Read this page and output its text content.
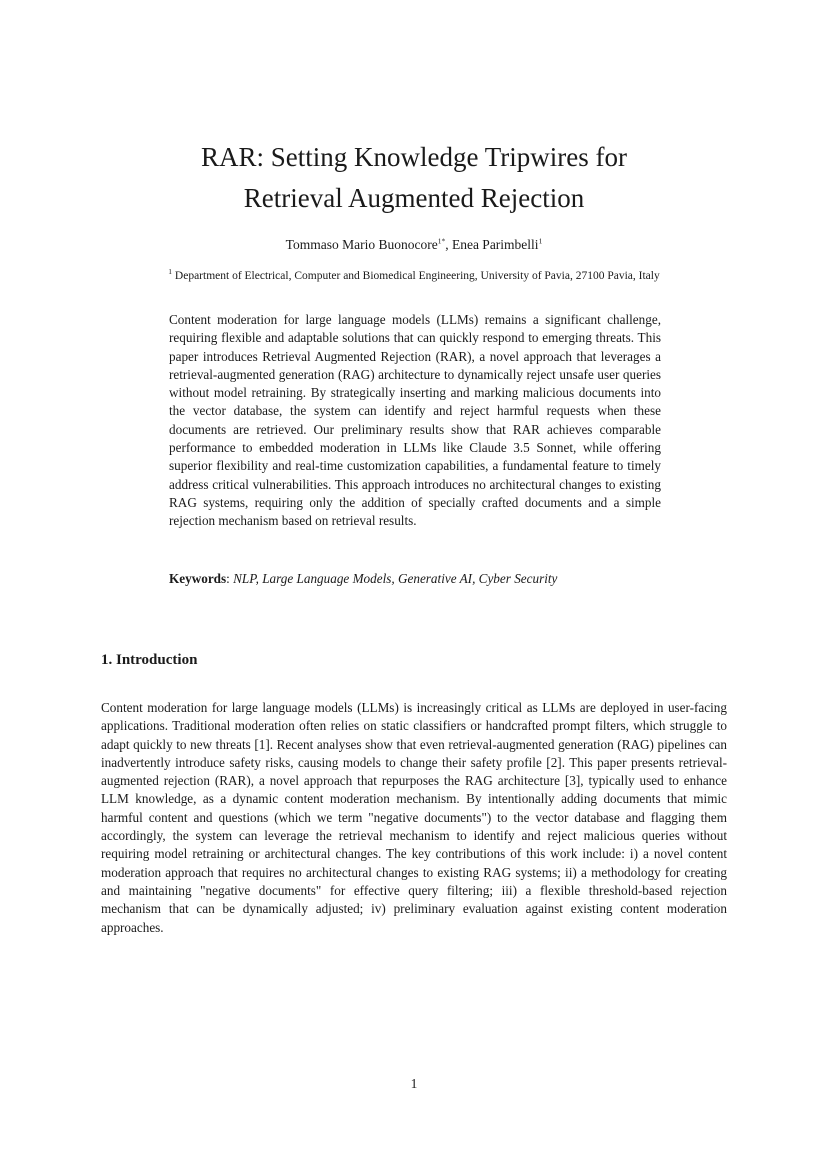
RAR: Setting Knowledge Tripwires for
Retrieval Augmented Rejection
Tommaso Mario Buonocore$^{1*}$, Enea Parimbelli$^1$
$^1$ Department of Electrical, Computer and Biomedical Engineering, University of Pavia, 27100 Pavia, Italy

Content moderation for large language models (LLMs) remains a significant challenge, requiring flexible and adaptable solutions that can quickly respond to emerging threats. This paper introduces Retrieval Augmented Rejection (RAR), a novel approach that leverages a retrieval-augmented generation (RAG) architecture to dynamically reject unsafe user queries without model retraining. By strategically inserting and marking malicious documents into the vector database, the system can identify and reject harmful requests when these documents are retrieved. Our preliminary results show that RAR achieves comparable performance to embedded moderation in LLMs like Claude 3.5 Sonnet, while offering superior flexibility and real-time customization capabilities, a fundamental feature to timely address critical vulnerabilities. This approach introduces no architectural changes to existing RAG systems, requiring only the addition of specially crafted documents and a simple rejection mechanism based on retrieval results.

Keywords: NLP, Large Language Models, Generative AI, Cyber Security

1. Introduction

Content moderation for large language models (LLMs) is increasingly critical as LLMs are deployed in user-facing applications. Traditional moderation often relies on static classifiers or handcrafted prompt filters, which struggle to adapt quickly to new threats [1]. Recent analyses show that even retrieval-augmented generation (RAG) pipelines can inadvertently introduce safety risks, causing models to change their safety profile [2]. This paper presents retrieval-augmented rejection (RAR), a novel approach that repurposes the RAG architecture [3], typically used to enhance LLM knowledge, as a dynamic content moderation mechanism. By intentionally adding documents that mimic harmful content and questions (which we term "negative documents") to the vector database and flagging them accordingly, the system can leverage the retrieval mechanism to identify and reject malicious queries without requiring model retraining or architectural changes. The key contributions of this work include: i) a novel content moderation approach that requires no architectural changes to existing RAG systems; ii) a methodology for creating and maintaining "negative documents" for effective query filtering; iii) a flexible threshold-based rejection mechanism that can be dynamically adjusted; iv) preliminary evaluation against existing content moderation approaches.

1
